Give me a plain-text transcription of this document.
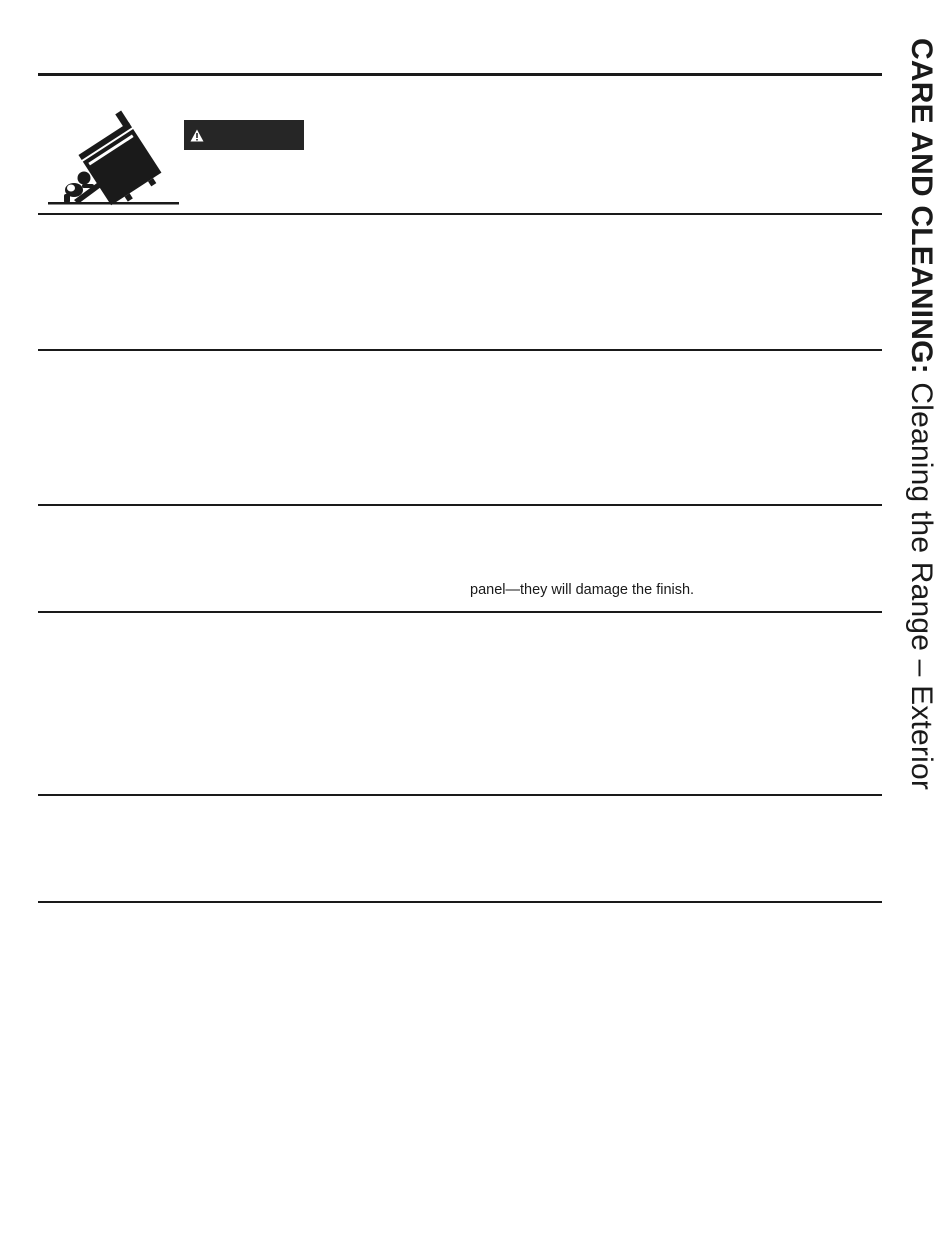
panel—they will damage the finish.
CARE AND CLEANING: Cleaning the Range – Exterior
